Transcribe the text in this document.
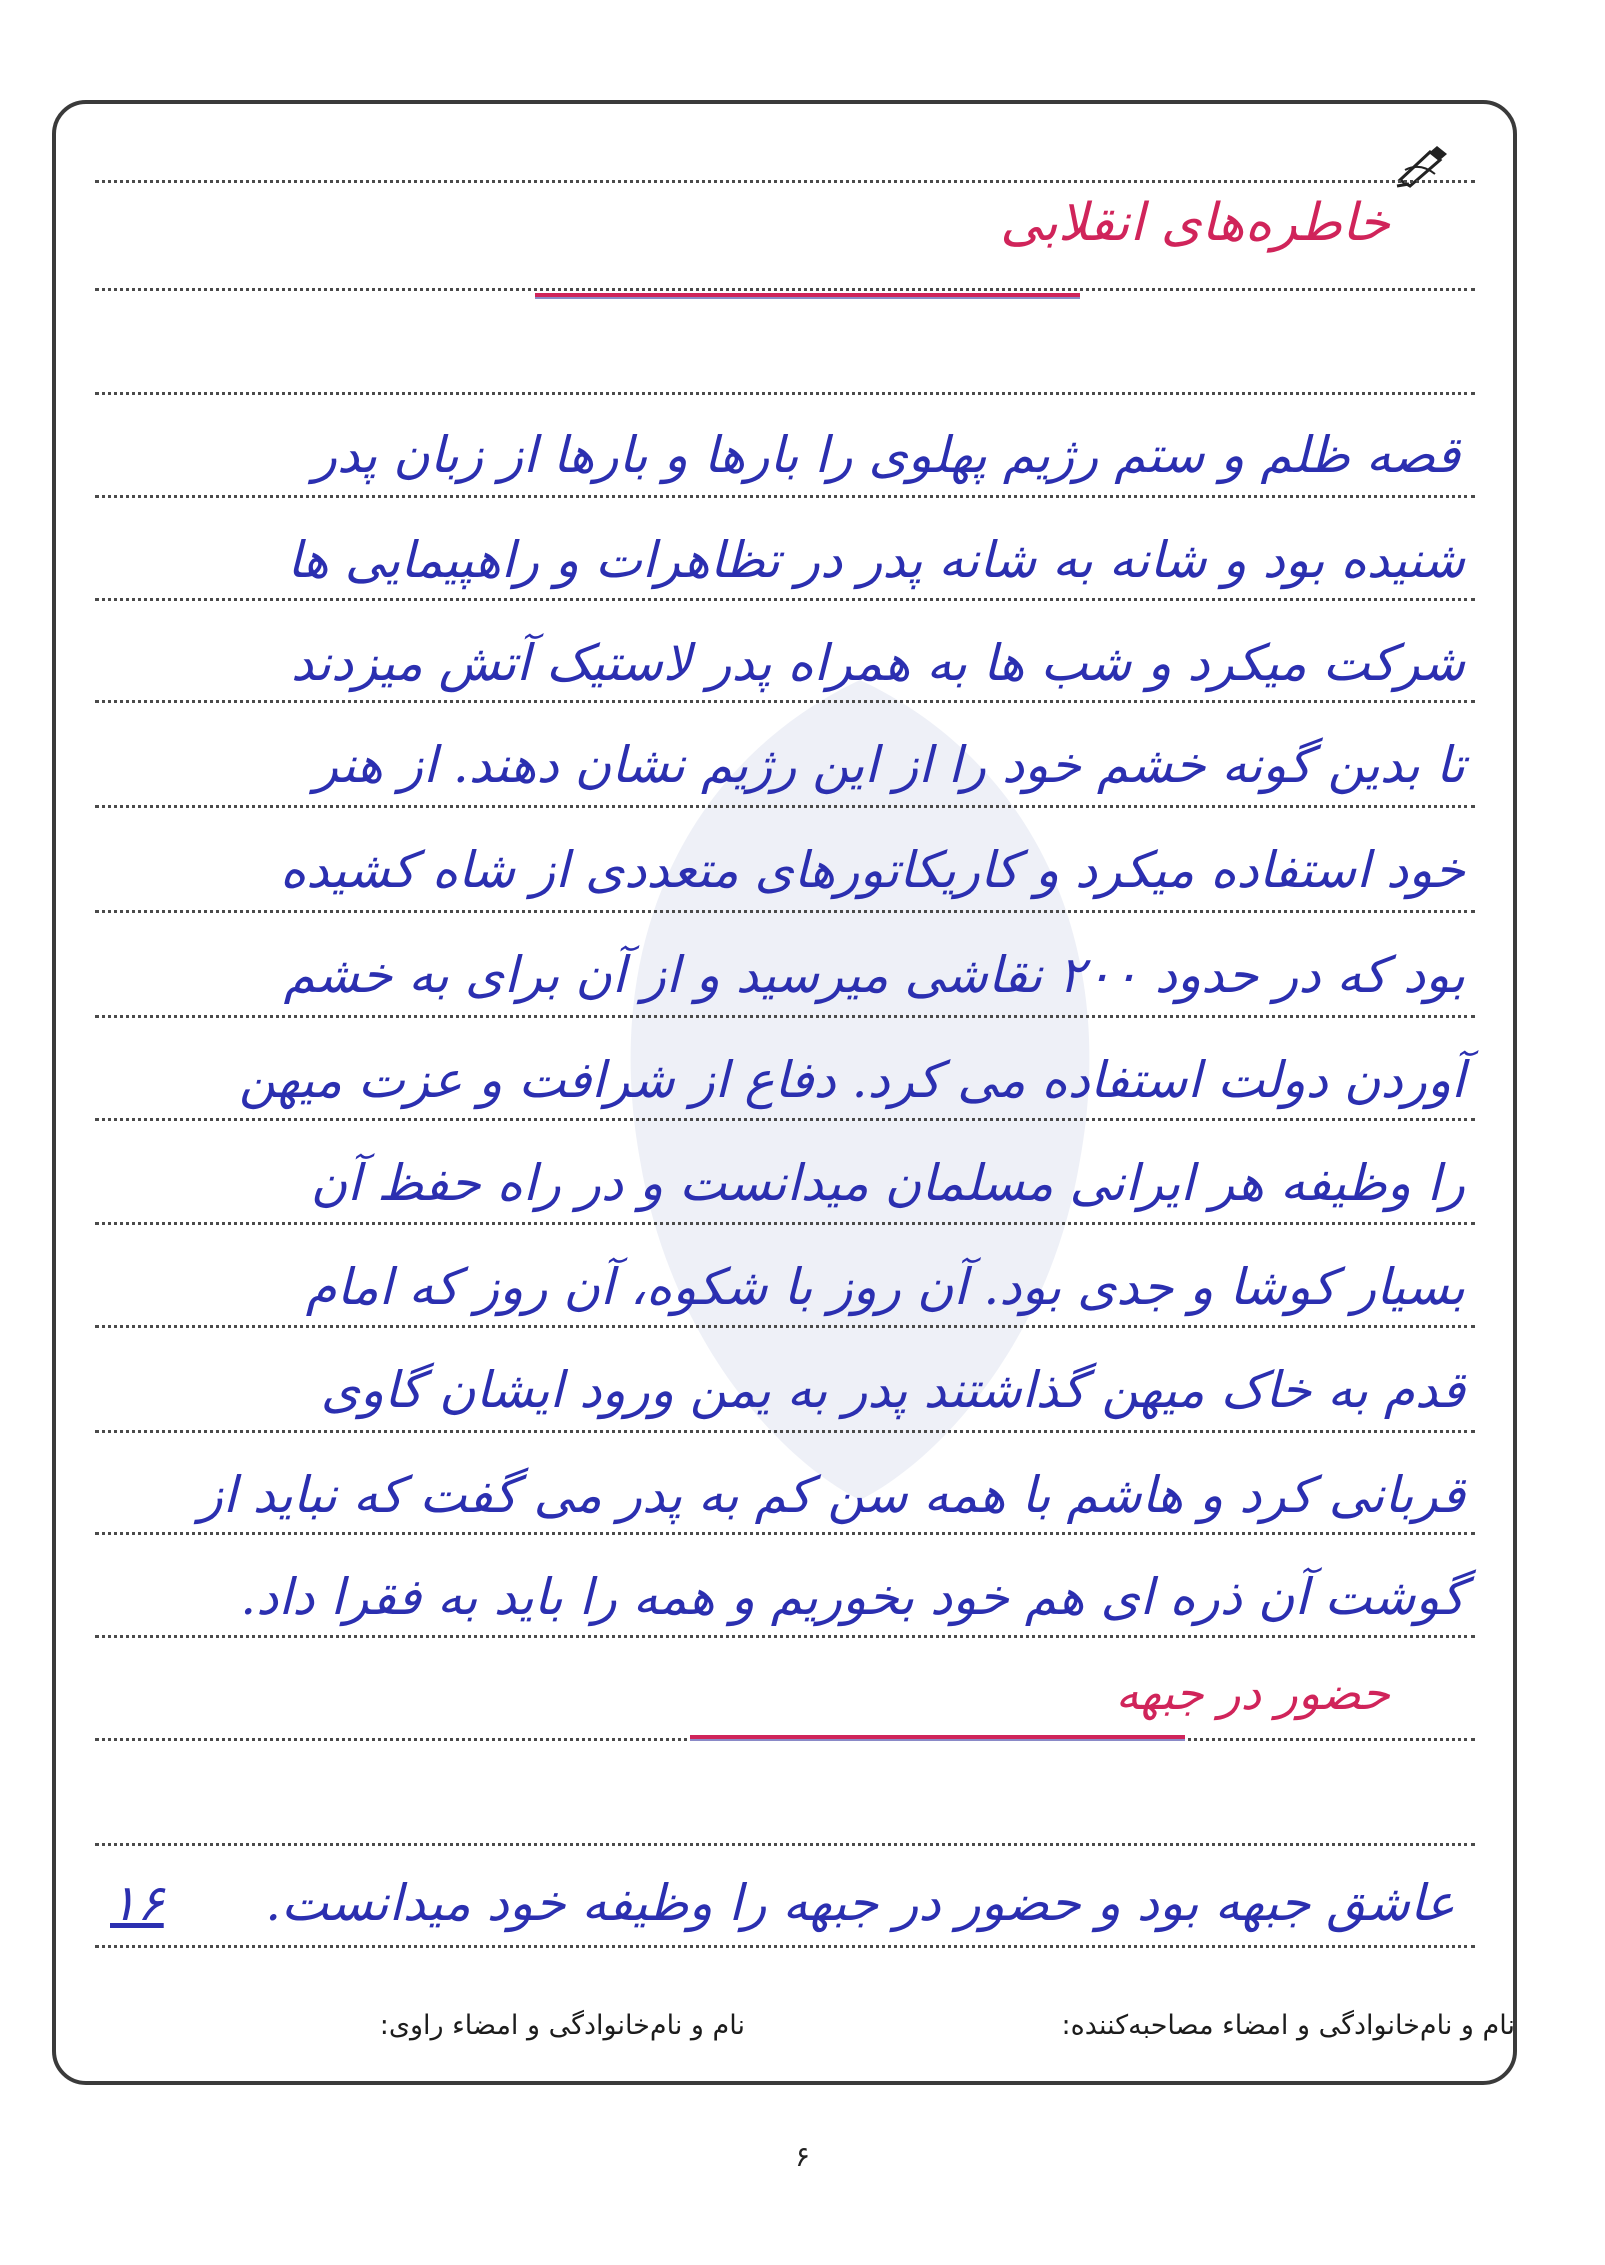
خاطره‌های انقلابی
قصه ظلم و ستم رژیم پهلوی را بارها و بارها از زبان پدر
شنیده بود و شانه به شانه پدر در تظاهرات و راهپیمایی ها
شرکت میکرد و شب ها به همراه پدر لاستیک آتش میزدند
تا بدین گونه خشم خود را از این رژیم نشان دهند. از هنر
خود استفاده میکرد و کاریکاتورهای متعددی از شاه کشیده
بود که در حدود ۲۰۰ نقاشی میرسید و از آن برای به خشم
آوردن دولت استفاده می کرد. دفاع از شرافت و عزت میهن
را وظیفه هر ایرانی مسلمان میدانست و در راه حفظ آن
بسیار کوشا و جدی بود. آن روز با شکوه، آن روز که امام
قدم به خاک میهن گذاشتند پدر به یمن ورود ایشان گاوی
قربانی کرد و هاشم با همه سن کم به پدر می گفت که نباید از
گوشت آن ذره ای هم خود بخوریم و همه را باید به فقرا داد.
حضور در جبهه
عاشق جبهه بود و حضور در جبهه را وظیفه خود میدانست.
۱۶
نام و نام‌خانوادگی و امضاء مصاحبه‌کننده:
نام و نام‌خانوادگی و امضاء راوی:
۶
